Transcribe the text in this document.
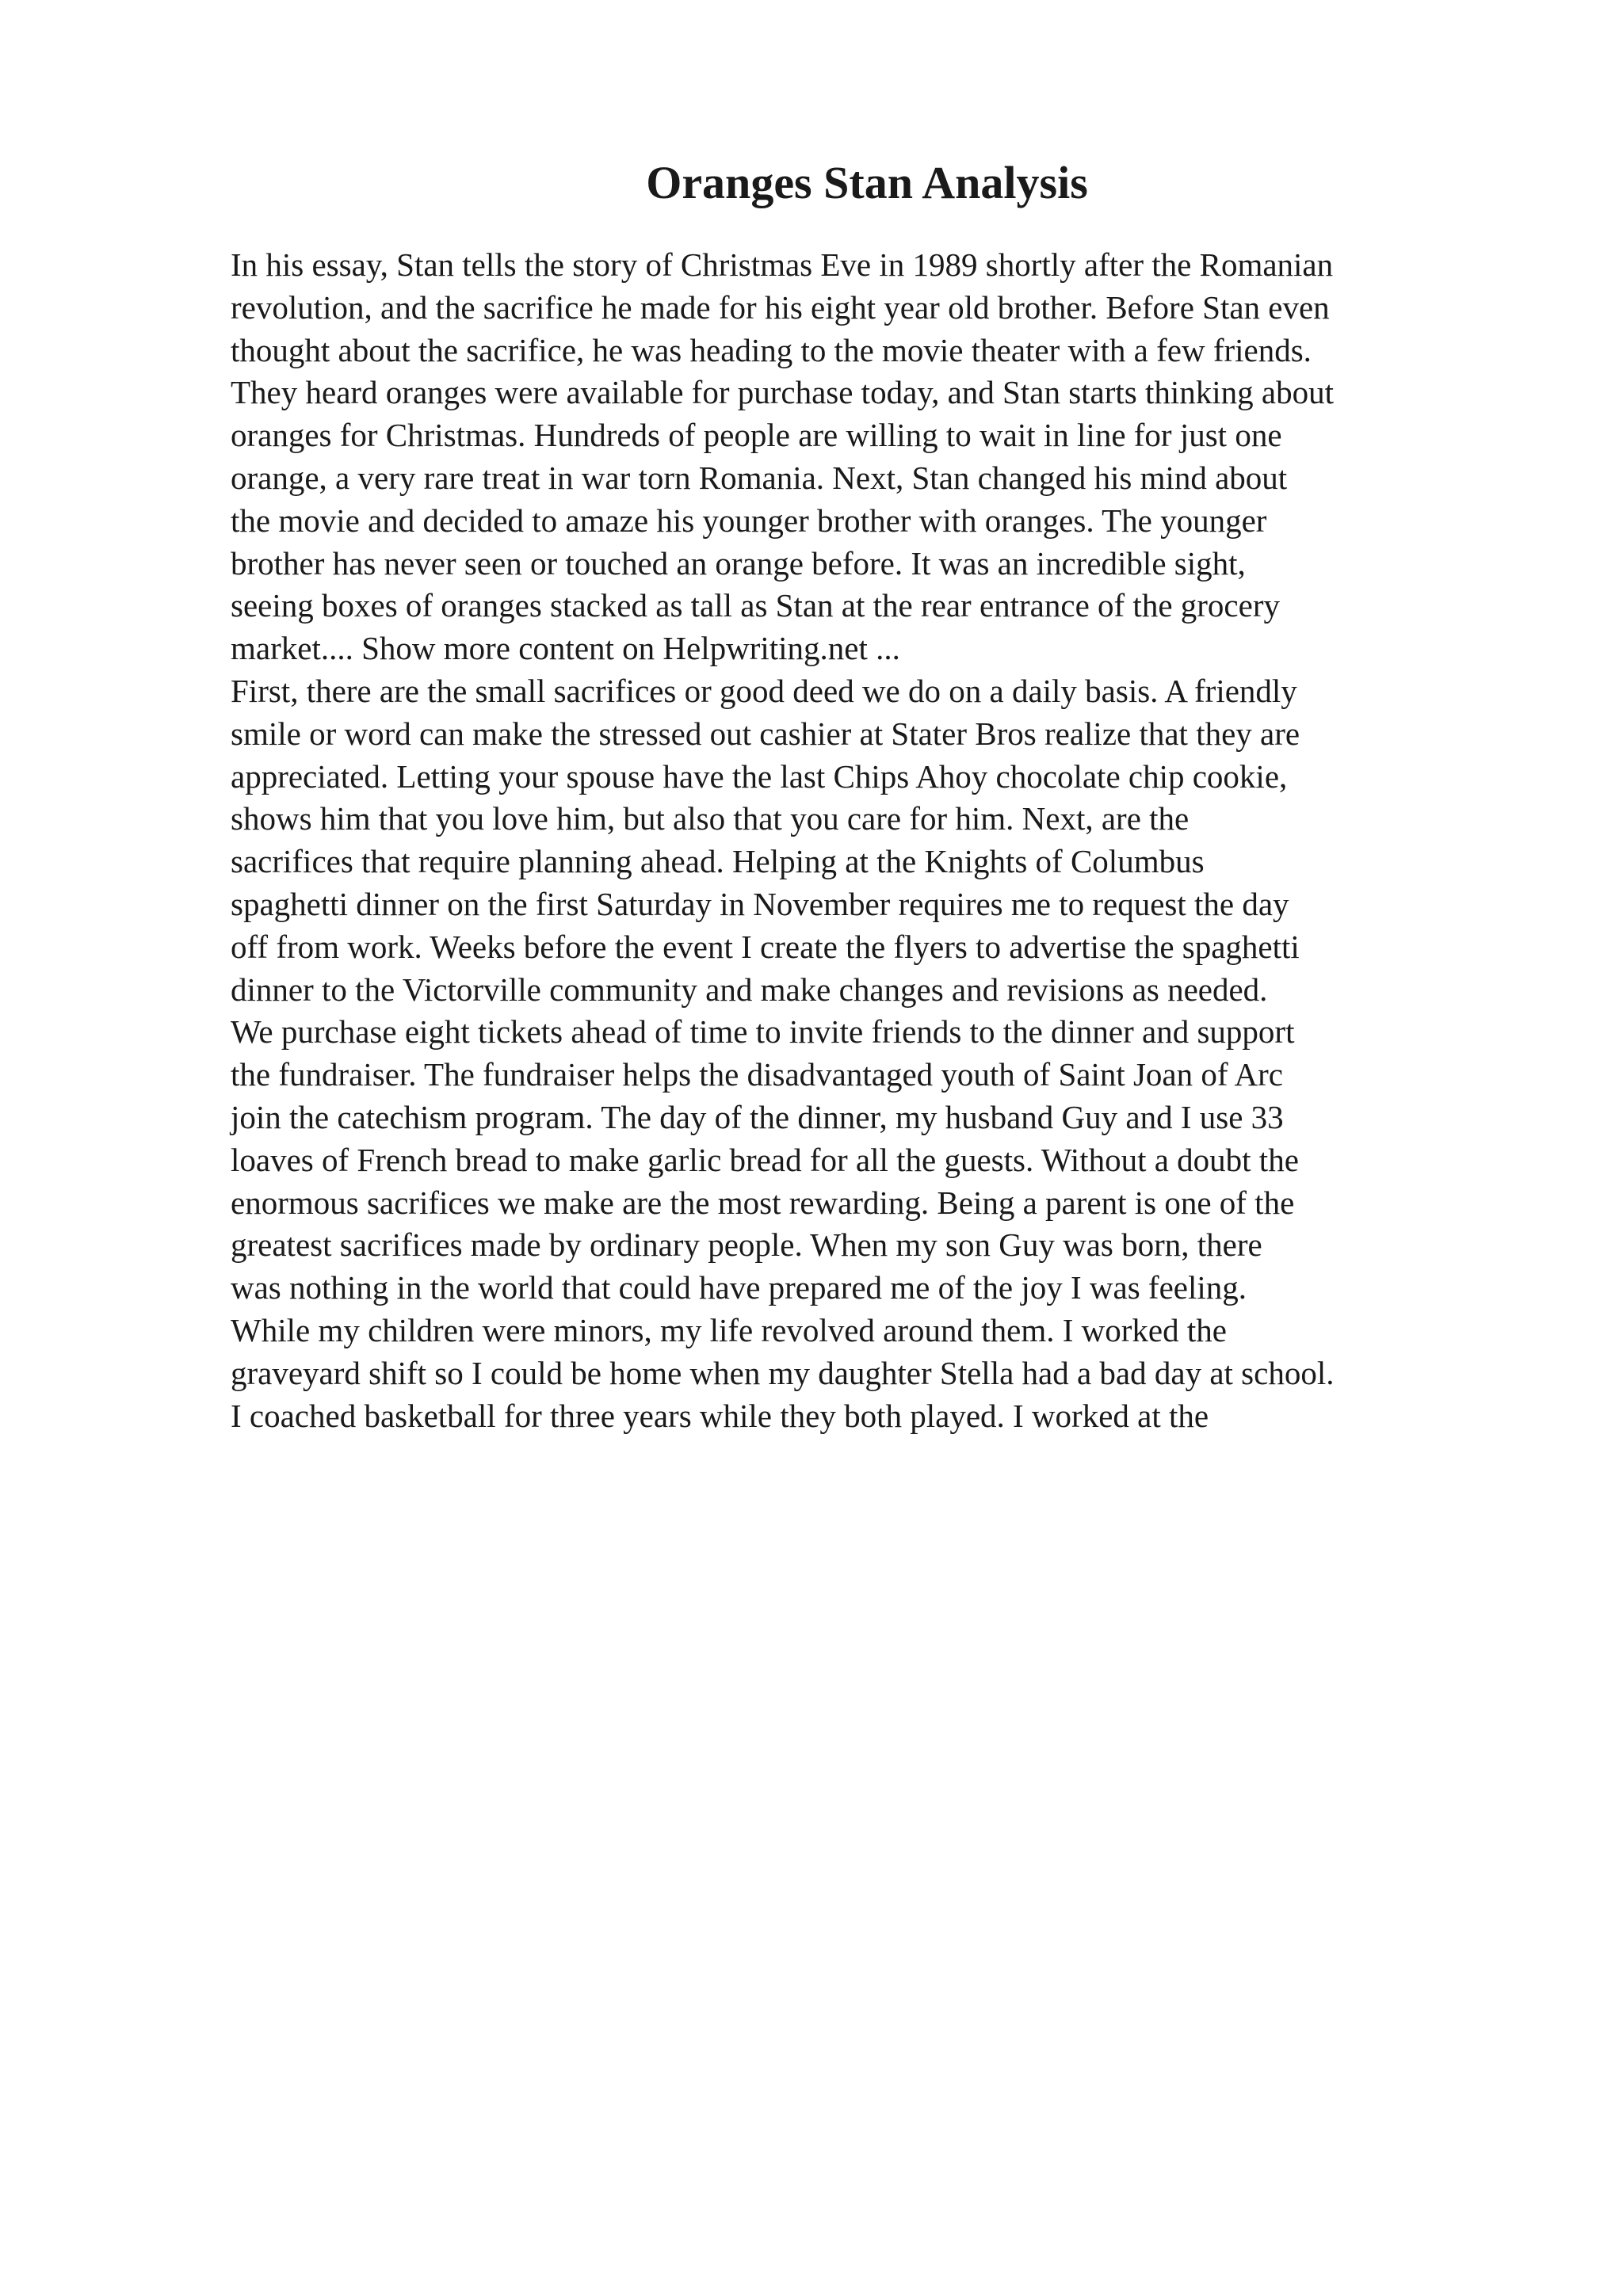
Oranges Stan Analysis
In his essay, Stan tells the story of Christmas Eve in 1989 shortly after the Romanian
revolution, and the sacrifice he made for his eight year old brother. Before Stan even
thought about the sacrifice, he was heading to the movie theater with a few friends.
They heard oranges were available for purchase today, and Stan starts thinking about
oranges for Christmas. Hundreds of people are willing to wait in line for just one
orange, a very rare treat in war torn Romania. Next, Stan changed his mind about
the movie and decided to amaze his younger brother with oranges. The younger
brother has never seen or touched an orange before. It was an incredible sight,
seeing boxes of oranges stacked as tall as Stan at the rear entrance of the grocery
market.... Show more content on Helpwriting.net ...
First, there are the small sacrifices or good deed we do on a daily basis. A friendly
smile or word can make the stressed out cashier at Stater Bros realize that they are
appreciated. Letting your spouse have the last Chips Ahoy chocolate chip cookie,
shows him that you love him, but also that you care for him. Next, are the
sacrifices that require planning ahead. Helping at the Knights of Columbus
spaghetti dinner on the first Saturday in November requires me to request the day
off from work. Weeks before the event I create the flyers to advertise the spaghetti
dinner to the Victorville community and make changes and revisions as needed.
We purchase eight tickets ahead of time to invite friends to the dinner and support
the fundraiser. The fundraiser helps the disadvantaged youth of Saint Joan of Arc
join the catechism program. The day of the dinner, my husband Guy and I use 33
loaves of French bread to make garlic bread for all the guests. Without a doubt the
enormous sacrifices we make are the most rewarding. Being a parent is one of the
greatest sacrifices made by ordinary people. When my son Guy was born, there
was nothing in the world that could have prepared me of the joy I was feeling.
While my children were minors, my life revolved around them. I worked the
graveyard shift so I could be home when my daughter Stella had a bad day at school.
I coached basketball for three years while they both played. I worked at the
